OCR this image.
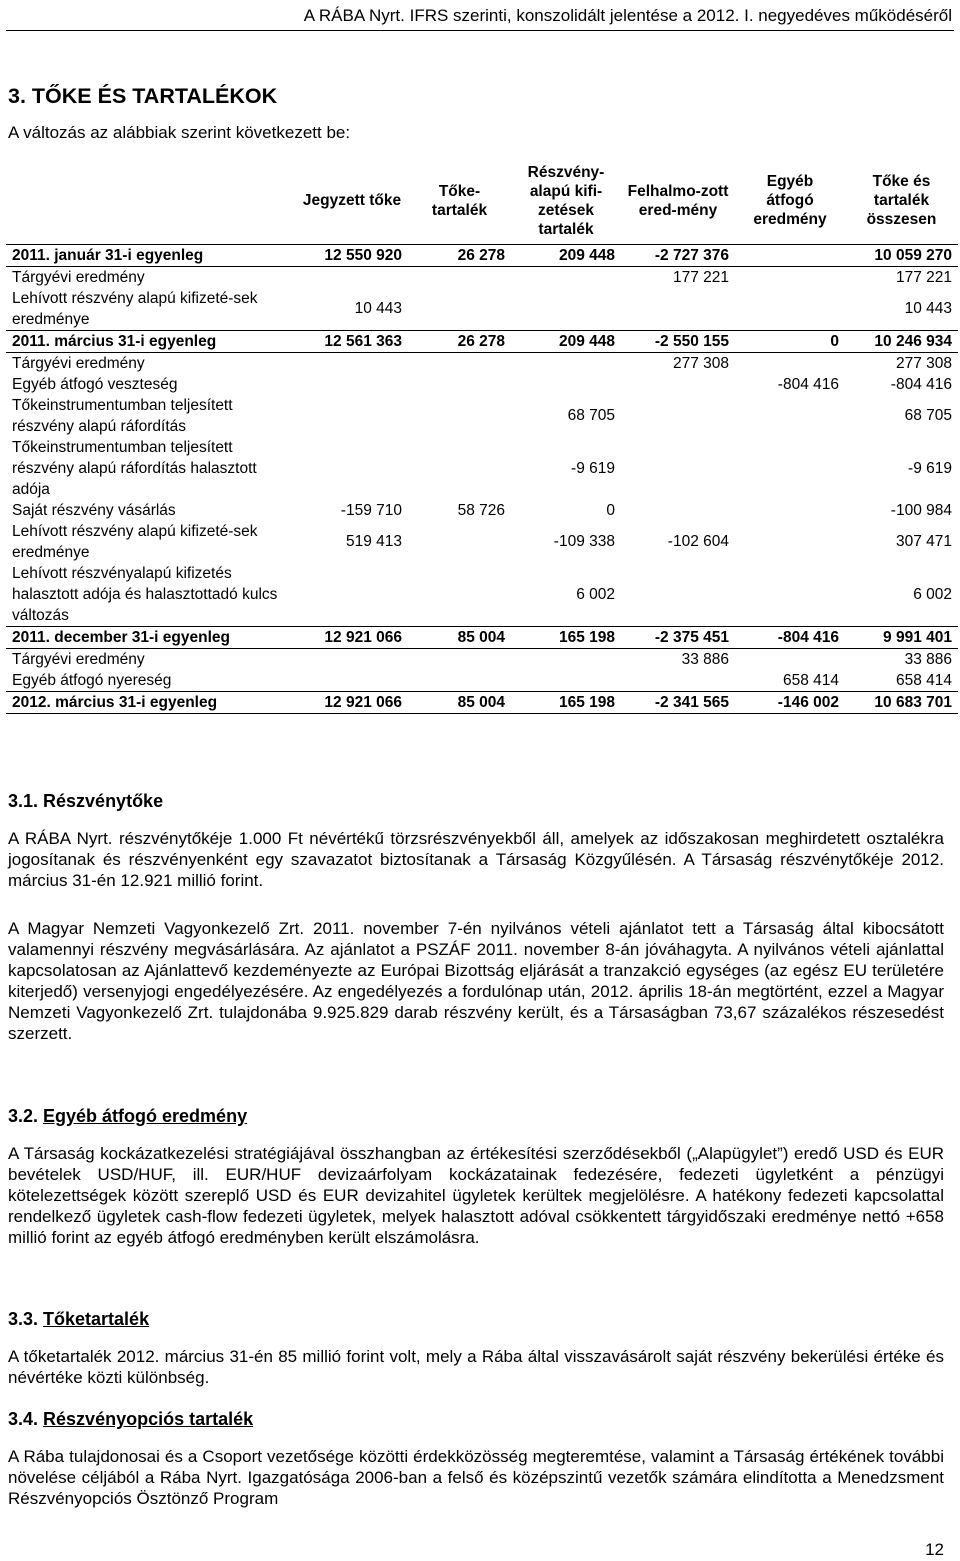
A RÁBA Nyrt. IFRS szerinti, konszolidált jelentése a 2012. I. negyedéves működéséről
3. TŐKE ÉS TARTALÉKOK
A változás az alábbiak szerint következett be:
	Jegyzett tőke	Tőke-tartalék	Részvény-alapú kifi-zetések tartalék	Felhalmo-zott ered-mény	Egyéb átfogó eredmény	Tőke és tartalék összesen
2011. január 31-i egyenleg	12 550 920	26 278	209 448	-2 727 376		10 059 270
Tárgyévi eredmény				177 221		177 221
Lehívott részvény alapú kifizeté-sek eredménye	10 443					10 443
2011. március 31-i egyenleg	12 561 363	26 278	209 448	-2 550 155	0	10 246 934
Tárgyévi eredmény				277 308		277 308
Egyéb átfogó veszteség					-804 416	-804 416
Tőkeinstrumentumban teljesített részvény alapú ráfordítás			68 705			68 705
Tőkeinstrumentumban teljesített részvény alapú ráfordítás halasztott adója			-9 619			-9 619
Saját részvény vásárlás	-159 710	58 726	0			-100 984
Lehívott részvény alapú kifizeté-sek eredménye	519 413		-109 338	-102 604		307 471
Lehívott részvényalapú kifizetés halasztott adója és halasztottadó kulcs változás			6 002			6 002
2011. december 31-i egyenleg	12 921 066	85 004	165 198	-2 375 451	-804 416	9 991 401
Tárgyévi eredmény				33 886		33 886
Egyéb átfogó nyereség					658 414	658 414
2012. március 31-i egyenleg	12 921 066	85 004	165 198	-2 341 565	-146 002	10 683 701
3.1. Részvénytőke
A RÁBA Nyrt. részvénytőkéje 1.000 Ft névértékű törzsrészvényekből áll, amelyek az időszakosan meghirdetett osztalékra jogosítanak és részvényenként egy szavazatot biztosítanak a Társaság Közgyűlésén. A Társaság részvénytőkéje 2012. március 31-én 12.921 millió forint.
A Magyar Nemzeti Vagyonkezelő Zrt. 2011. november 7-én nyilvános vételi ajánlatot tett a Társaság által kibocsátott valamennyi részvény megvásárlására. Az ajánlatot a PSZÁF 2011. november 8-án jóváhagyta. A nyilvános vételi ajánlattal kapcsolatosan az Ajánlattevő kezdeményezte az Európai Bizottság eljárását a tranzakció egységes (az egész EU területére kiterjedő) versenyjogi engedélyezésére. Az engedélyezés a fordulónap után, 2012. április 18-án megtörtént, ezzel a Magyar Nemzeti Vagyonkezelő Zrt. tulajdonába 9.925.829 darab részvény került, és a Társaságban 73,67 százalékos részesedést szerzett.
3.2. Egyéb átfogó eredmény
A Társaság kockázatkezelési stratégiájával összhangban az értékesítési szerződésekből („Alapügylet”) eredő USD és EUR bevételek USD/HUF, ill. EUR/HUF devizaárfolyam kockázatainak fedezésére, fedezeti ügyletként a pénzügyi kötelezettségek között szereplő USD és EUR devizahitel ügyletek kerültek megjelölésre. A hatékony fedezeti kapcsolattal rendelkező ügyletek cash-flow fedezeti ügyletek, melyek halasztott adóval csökkentett tárgyidőszaki eredménye nettó +658 millió forint az egyéb átfogó eredményben került elszámolásra.
3.3. Tőketartalék
A tőketartalék 2012. március 31-én 85 millió forint volt, mely a Rába által visszavásárolt saját részvény bekerülési értéke és névértéke közti különbség.
3.4. Részvényopciós tartalék
A Rába tulajdonosai és a Csoport vezetősége közötti érdekközösség megteremtése, valamint a Társaság értékének további növelése céljából a Rába Nyrt. Igazgatósága 2006-ban a felső és középszintű vezetők számára elindította a Menedzsment Részvényopciós Ösztönző Program
12
